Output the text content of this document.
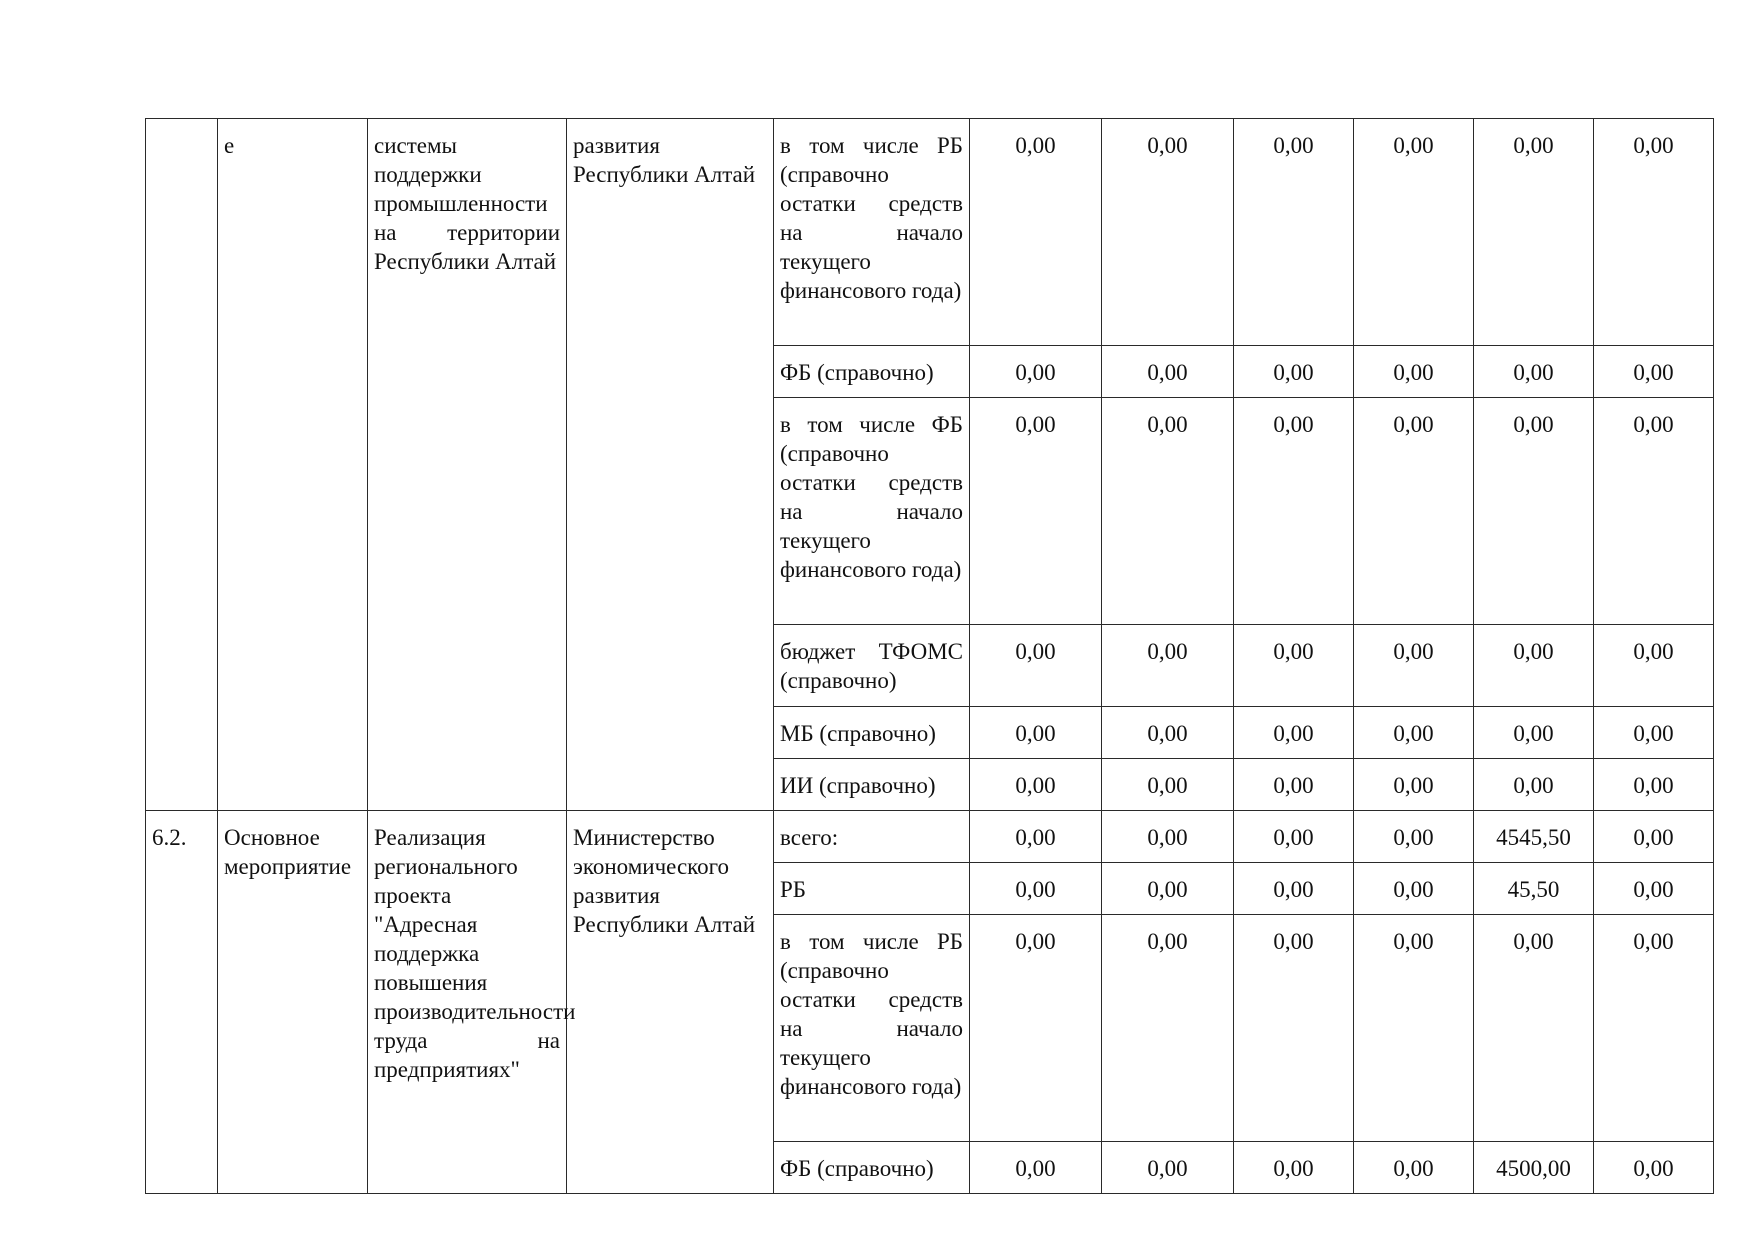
	е	системы поддержки промышленности на территории Республики Алтай	развития Республики Алтай	в том числе РБ (справочно остатки средств на начало текущего финансового года)	0,00	0,00	0,00	0,00	0,00	0,00
				ФБ (справочно)	0,00	0,00	0,00	0,00	0,00	0,00
				в том числе ФБ (справочно остатки средств на начало текущего финансового года)	0,00	0,00	0,00	0,00	0,00	0,00
				бюджет ТФОМС (справочно)	0,00	0,00	0,00	0,00	0,00	0,00
				МБ (справочно)	0,00	0,00	0,00	0,00	0,00	0,00
				ИИ (справочно)	0,00	0,00	0,00	0,00	0,00	0,00
6.2.	Основное мероприятие	Реализация регионального проекта "Адресная поддержка повышения производительности труда на предприятиях"	Министерство экономического развития Республики Алтай	всего:	0,00	0,00	0,00	0,00	4545,50	0,00
				РБ	0,00	0,00	0,00	0,00	45,50	0,00
				в том числе РБ (справочно остатки средств на начало текущего финансового года)	0,00	0,00	0,00	0,00	0,00	0,00
				ФБ (справочно)	0,00	0,00	0,00	0,00	4500,00	0,00
